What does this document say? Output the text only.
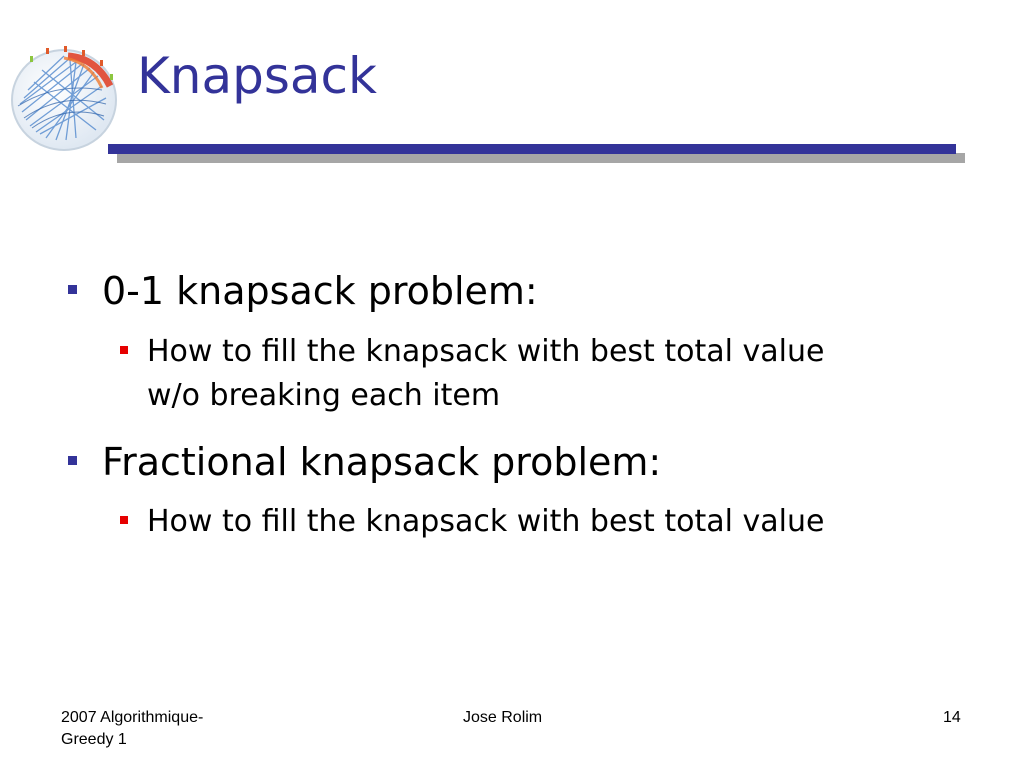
Knapsack
0-1 knapsack problem:
How to fill the knapsack with best total value
w/o breaking each item
Fractional knapsack problem:
How to fill the knapsack with best total value
2007 Algorithmique-
Greedy 1
Jose Rolim	14
